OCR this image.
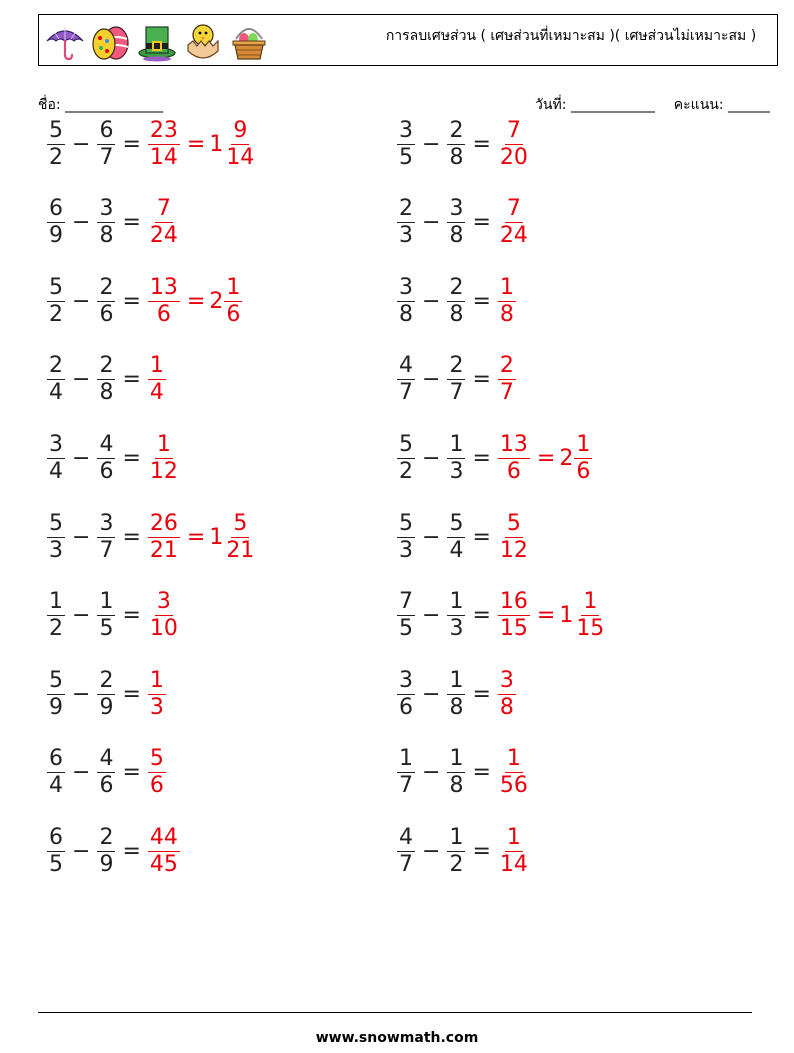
การลบเศษส่วน ( เศษส่วนที่เหมาะสม )( เศษส่วนไม่เหมาะสม )
ชื่อ: ______________	วันที่: ____________ คะแนน: ______
$\frac{5}{2} - \frac{6}{7} = \frac{23}{14} = 1 \frac{9}{14}$	$\frac{3}{5} - \frac{2}{8} = \frac{7}{20}$
$\frac{6}{9} - \frac{3}{8} = \frac{7}{24}$	$\frac{2}{3} - \frac{3}{8} = \frac{7}{24}$
$\frac{5}{2} - \frac{2}{6} = \frac{13}{6} = 2 \frac{1}{6}$	$\frac{3}{8} - \frac{2}{8} = \frac{1}{8}$
$\frac{2}{4} - \frac{2}{8} = \frac{1}{4}$	$\frac{4}{7} - \frac{2}{7} = \frac{2}{7}$
$\frac{3}{4} - \frac{4}{6} = \frac{1}{12}$	$\frac{5}{2} - \frac{1}{3} = \frac{13}{6} = 2 \frac{1}{6}$
$\frac{5}{3} - \frac{3}{7} = \frac{26}{21} = 1 \frac{5}{21}$	$\frac{5}{3} - \frac{5}{4} = \frac{5}{12}$
$\frac{1}{2} - \frac{1}{5} = \frac{3}{10}$	$\frac{7}{5} - \frac{1}{3} = \frac{16}{15} = 1 \frac{1}{15}$
$\frac{5}{9} - \frac{2}{9} = \frac{1}{3}$	$\frac{3}{6} - \frac{1}{8} = \frac{3}{8}$
$\frac{6}{4} - \frac{4}{6} = \frac{5}{6}$	$\frac{1}{7} - \frac{1}{8} = \frac{1}{56}$
$\frac{6}{5} - \frac{2}{9} = \frac{44}{45}$	$\frac{4}{7} - \frac{1}{2} = \frac{1}{14}$
www.snowmath.com
